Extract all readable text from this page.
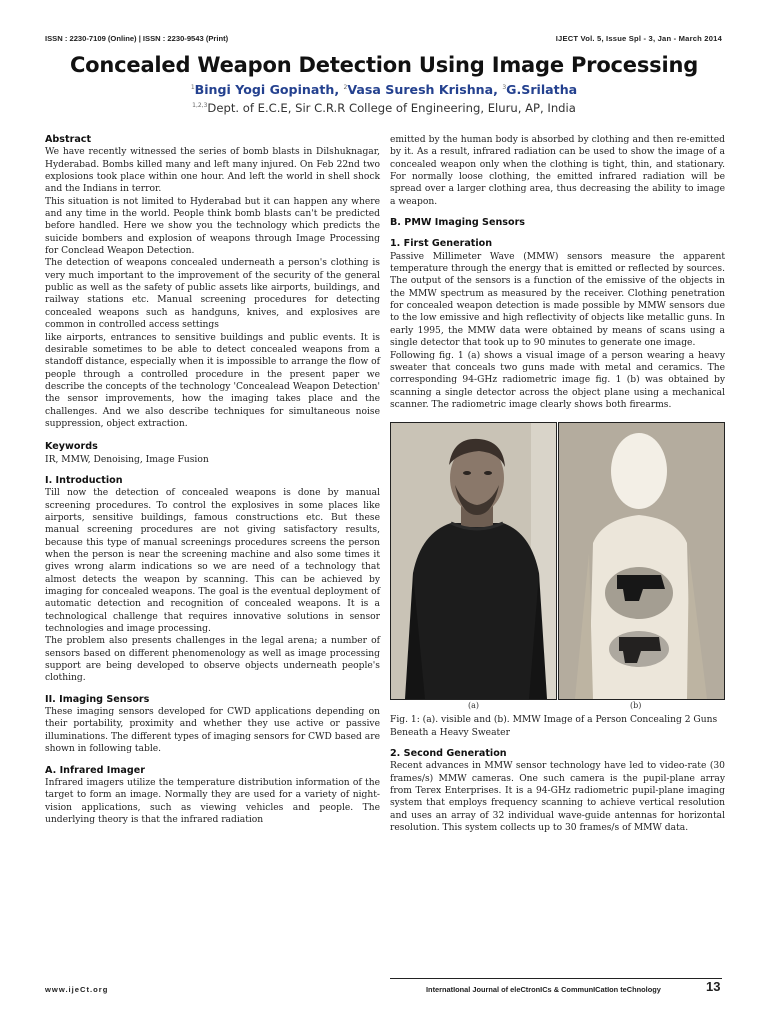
ISSN : 2230-7109 (Online) | ISSN : 2230-9543 (Print)	IJECT Vol. 5, Issue Spl - 3, Jan - March 2014
Concealed Weapon Detection Using Image Processing
$^1$Bingi Yogi Gopinath, $^2$Vasa Suresh Krishna, $^3$G.Srilatha
$^{1,2,3}$Dept. of E.C.E, Sir C.R.R College of Engineering, Eluru, AP, India
Abstract

We have recently witnessed the series of bomb blasts in Dilshuknagar, Hyderabad. Bombs killed many and left many injured. On Feb 22nd two explosions took place within one hour. And left the world in shell shock and the Indians in terror.

This situation is not limited to Hyderabad but it can happen any where and any time in the world. People think bomb blasts can't be predicted before handled. Here we show you the technology which predicts the suicide bombers and explosion of weapons through Image Processing for Conclead Weapon Detection.

The detection of weapons concealed underneath a person's clothing is very much important to the improvement of the security of the general public as well as the safety of public assets like airports, buildings, and railway stations etc. Manual screening procedures for detecting concealed weapons such as handguns, knives, and explosives are common in controlled access settings

like airports, entrances to sensitive buildings and public events. It is desirable sometimes to be able to detect concealed weapons from a standoff distance, especially when it is impossible to arrange the flow of people through a controlled procedure in the present paper we describe the concepts of the technology 'Concealead Weapon Detection' the sensor improvements, how the imaging takes place and the challenges. And we also describe techniques for simultaneous noise suppression, object extraction.

Keywords

IR, MMW, Denoising, Image Fusion

I. Introduction

Till now the detection of concealed weapons is done by manual screening procedures. To control the explosives in some places like airports, sensitive buildings, famous constructions etc. But these manual screening procedures are not giving satisfactory results, because this type of manual screenings procedures screens the person when the person is near the screening machine and also some times it gives wrong alarm indications so we are need of a technology that almost detects the weapon by scanning. This can be achieved by imaging for concealed weapons. The goal is the eventual deployment of automatic detection and recognition of concealed weapons. It is a technological challenge that requires innovative solutions in sensor technologies and image processing.

The problem also presents challenges in the legal arena; a number of sensors based on different phenomenology as well as image processing support are being developed to observe objects underneath people's clothing.

II. Imaging Sensors

These imaging sensors developed for CWD applications depending on their portability, proximity and whether they use active or passive illuminations. The different types of imaging sensors for CWD based are shown in following table.

A. Infrared Imager

Infrared imagers utilize the temperature distribution information of the target to form an image. Normally they are used for a variety of night-vision applications, such as viewing vehicles and people. The underlying theory is that the infrared radiation

emitted by the human body is absorbed by clothing and then re-emitted by it. As a result, infrared radiation can be used to show the image of a concealed weapon only when the clothing is tight, thin, and stationary. For normally loose clothing, the emitted infrared radiation will be spread over a larger clothing area, thus decreasing the ability to image a weapon.

B. PMW Imaging Sensors
1. First Generation

Passive Millimeter Wave (MMW) sensors measure the apparent temperature through the energy that is emitted or reflected by sources. The output of the sensors is a function of the emissive of the objects in the MMW spectrum as measured by the receiver. Clothing penetration for concealed weapon detection is made possible by MMW sensors due to the low emissive and high reflectivity of objects like metallic guns. In early 1995, the MMW data were obtained by means of scans using a single detector that took up to 90 minutes to generate one image.

Following fig. 1 (a) shows a visual image of a person wearing a heavy sweater that conceals two guns made with metal and ceramics. The corresponding 94-GHz radiometric image fig. 1 (b) was obtained by scanning a single detector across the object plane using a mechanical scanner. The radiometric image clearly shows both firearms.

(a)	(b)

Fig. 1: (a). visible and (b). MMW Image of a Person Concealing 2 Guns Beneath a Heavy Sweater

2. Second Generation

Recent advances in MMW sensor technology have led to video-rate (30 frames/s) MMW cameras. One such camera is the pupil-plane array from Terex Enterprises. It is a 94-GHz radiometric pupil-plane imaging system that employs frequency scanning to achieve vertical resolution and uses an array of 32 individual wave-guide antennas for horizontal resolution. This system collects up to 30 frames/s of MMW data.

www.ijeCt.org	InternatIonal Journal of eleCtronICs & CommunICatIon teChnology	13
